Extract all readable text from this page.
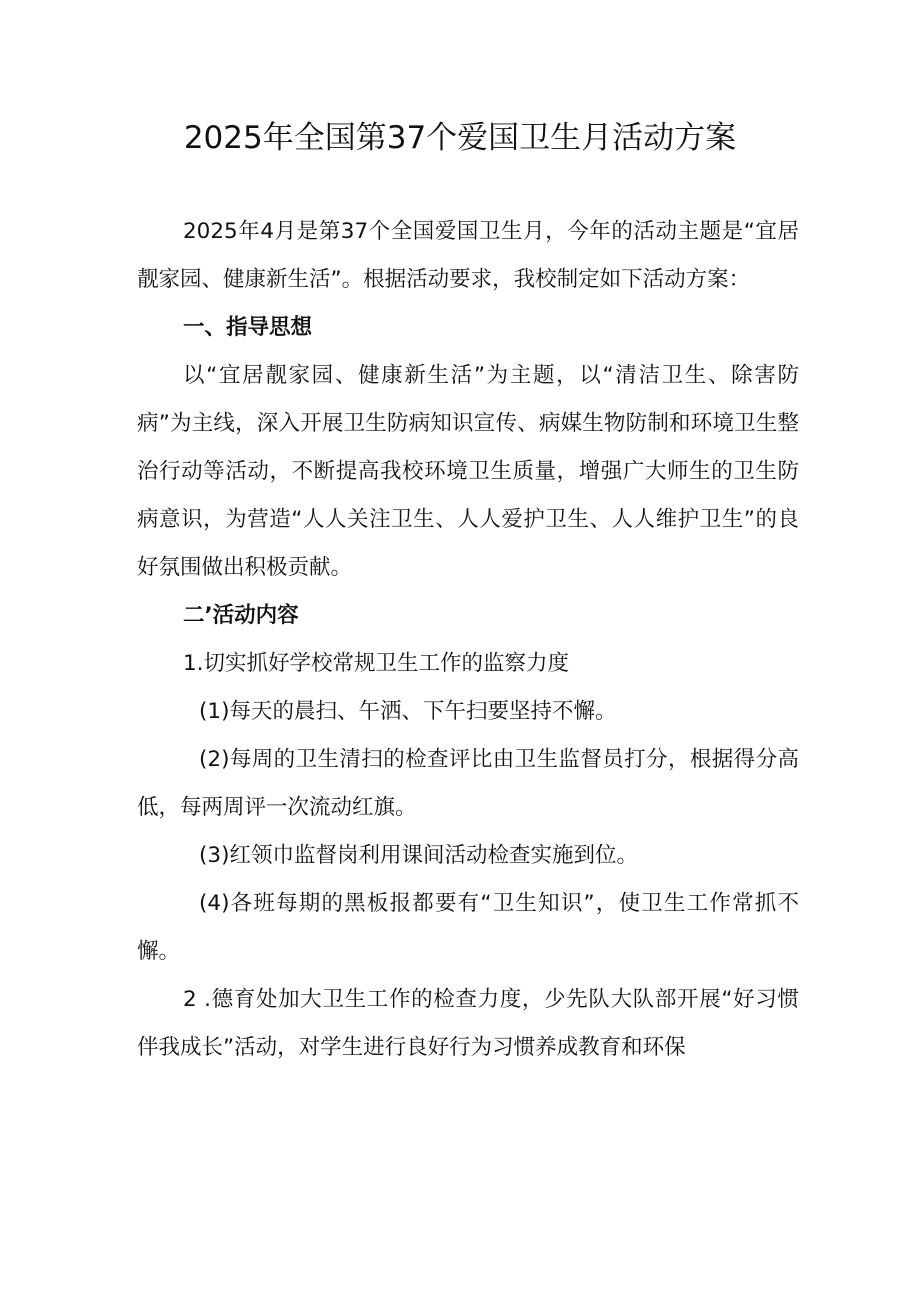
2025年全国第37个爱国卫生月活动方案

2025年4月是第37个全国爱国卫生月，今年的活动主题是“宜居靓家园、健康新生活”。根据活动要求，我校制定如下活动方案：

一、指导思想

以“宜居靓家园、健康新生活”为主题，以“清洁卫生、除害防病”为主线，深入开展卫生防病知识宣传、病媒生物防制和环境卫生整治行动等活动，不断提高我校环境卫生质量，增强广大师生的卫生防病意识，为营造“人人关注卫生、人人爱护卫生、人人维护卫生”的良好氛围做出积极贡献。

二’活动内容

1.切实抓好学校常规卫生工作的监察力度

(1)每天的晨扫、午洒、下午扫要坚持不懈。

(2)每周的卫生清扫的检查评比由卫生监督员打分，根据得分高低，每两周评一次流动红旗。

(3)红领巾监督岗利用课间活动检查实施到位。

(4)各班每期的黑板报都要有“卫生知识”，使卫生工作常抓不懈。

2 .德育处加大卫生工作的检查力度，少先队大队部开展“好习惯伴我成长”活动，对学生进行良好行为习惯养成教育和环保
